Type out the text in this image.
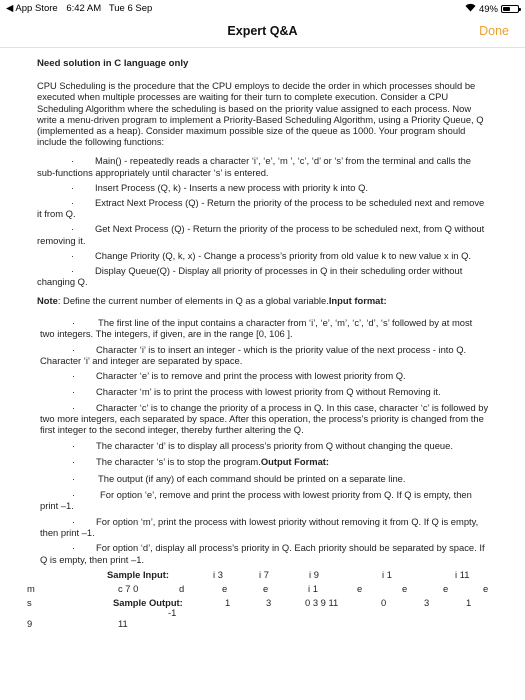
◀ App Store 6:42 AM Tue 6 Sep	49%
Expert Q&A	Done
Need solution in C language only
CPU Scheduling is the procedure that the CPU employs to decide the order in which processes should be executed when multiple processes are waiting for their turn to complete execution. Consider a CPU Scheduling Algorithm where the scheduling is based on the priority value assigned to each process. Now write a menu-driven program to implement a Priority-Based Scheduling Algorithm, using a Priority Queue, Q (implemented as a heap). Consider maximum possible size of the queue as 1000. Your program should include the following functions:
· Main() - repeatedly reads a character ‘i’, ‘e’, ‘m ’, ‘c’, ‘d’ or ‘s’ from the terminal and calls the sub-functions appropriately until character ‘s’ is entered.
· Insert Process (Q, k) - Inserts a new process with priority k into Q.
· Extract Next Process (Q) - Return the priority of the process to be scheduled next and remove it from Q.
· Get Next Process (Q) - Return the priority of the process to be scheduled next, from Q without removing it.
· Change Priority (Q, k, x) - Change a process’s priority from old value k to new value x in Q.
· Display Queue(Q) - Display all priority of processes in Q in their scheduling order without changing Q.
Note: Define the current number of elements in Q as a global variable.Input format:
· The first line of the input contains a character from ‘i’, ‘e’, ‘m’, ‘c’, ‘d’, ‘s’ followed by at most two integers. The integers, if given, are in the range [0, 106 ].
· Character ‘i’ is to insert an integer - which is the priority value of the next process - into Q. Character ‘i’ and integer are separated by space.
· Character ‘e’ is to remove and print the process with lowest priority from Q.
· Character ‘m’ is to print the process with lowest priority from Q without Removing it.
· Character ‘c’ is to change the priority of a process in Q. In this case, character ‘c’ is followed by two more integers, each separated by space. After this operation, the process’s priority is changed from the first integer to the second integer, thereby further altering the Q.
· The character ‘d’ is to display all process’s priority from Q without changing the queue.
· The character ‘s’ is to stop the program.Output Format:
· The output (if any) of each command should be printed on a separate line.
·	For option ‘e’, remove and print the process with lowest priority from Q. If Q is empty, then print –1.
· For option ‘m’, print the process with lowest priority without removing it from Q. If Q is empty, then print –1.
· For option ‘d’, display all process’s priority in Q. Each priority should be separated by space. If Q is empty, then print –1.
Sample Input:	i 3	i 7	i 9	i 1	i 11
m	c 7 0	d	e	e	i 1	e	e	e	e
s	Sample Output:	1	3	0 3 9 11	0	3	1
-1
9	11
